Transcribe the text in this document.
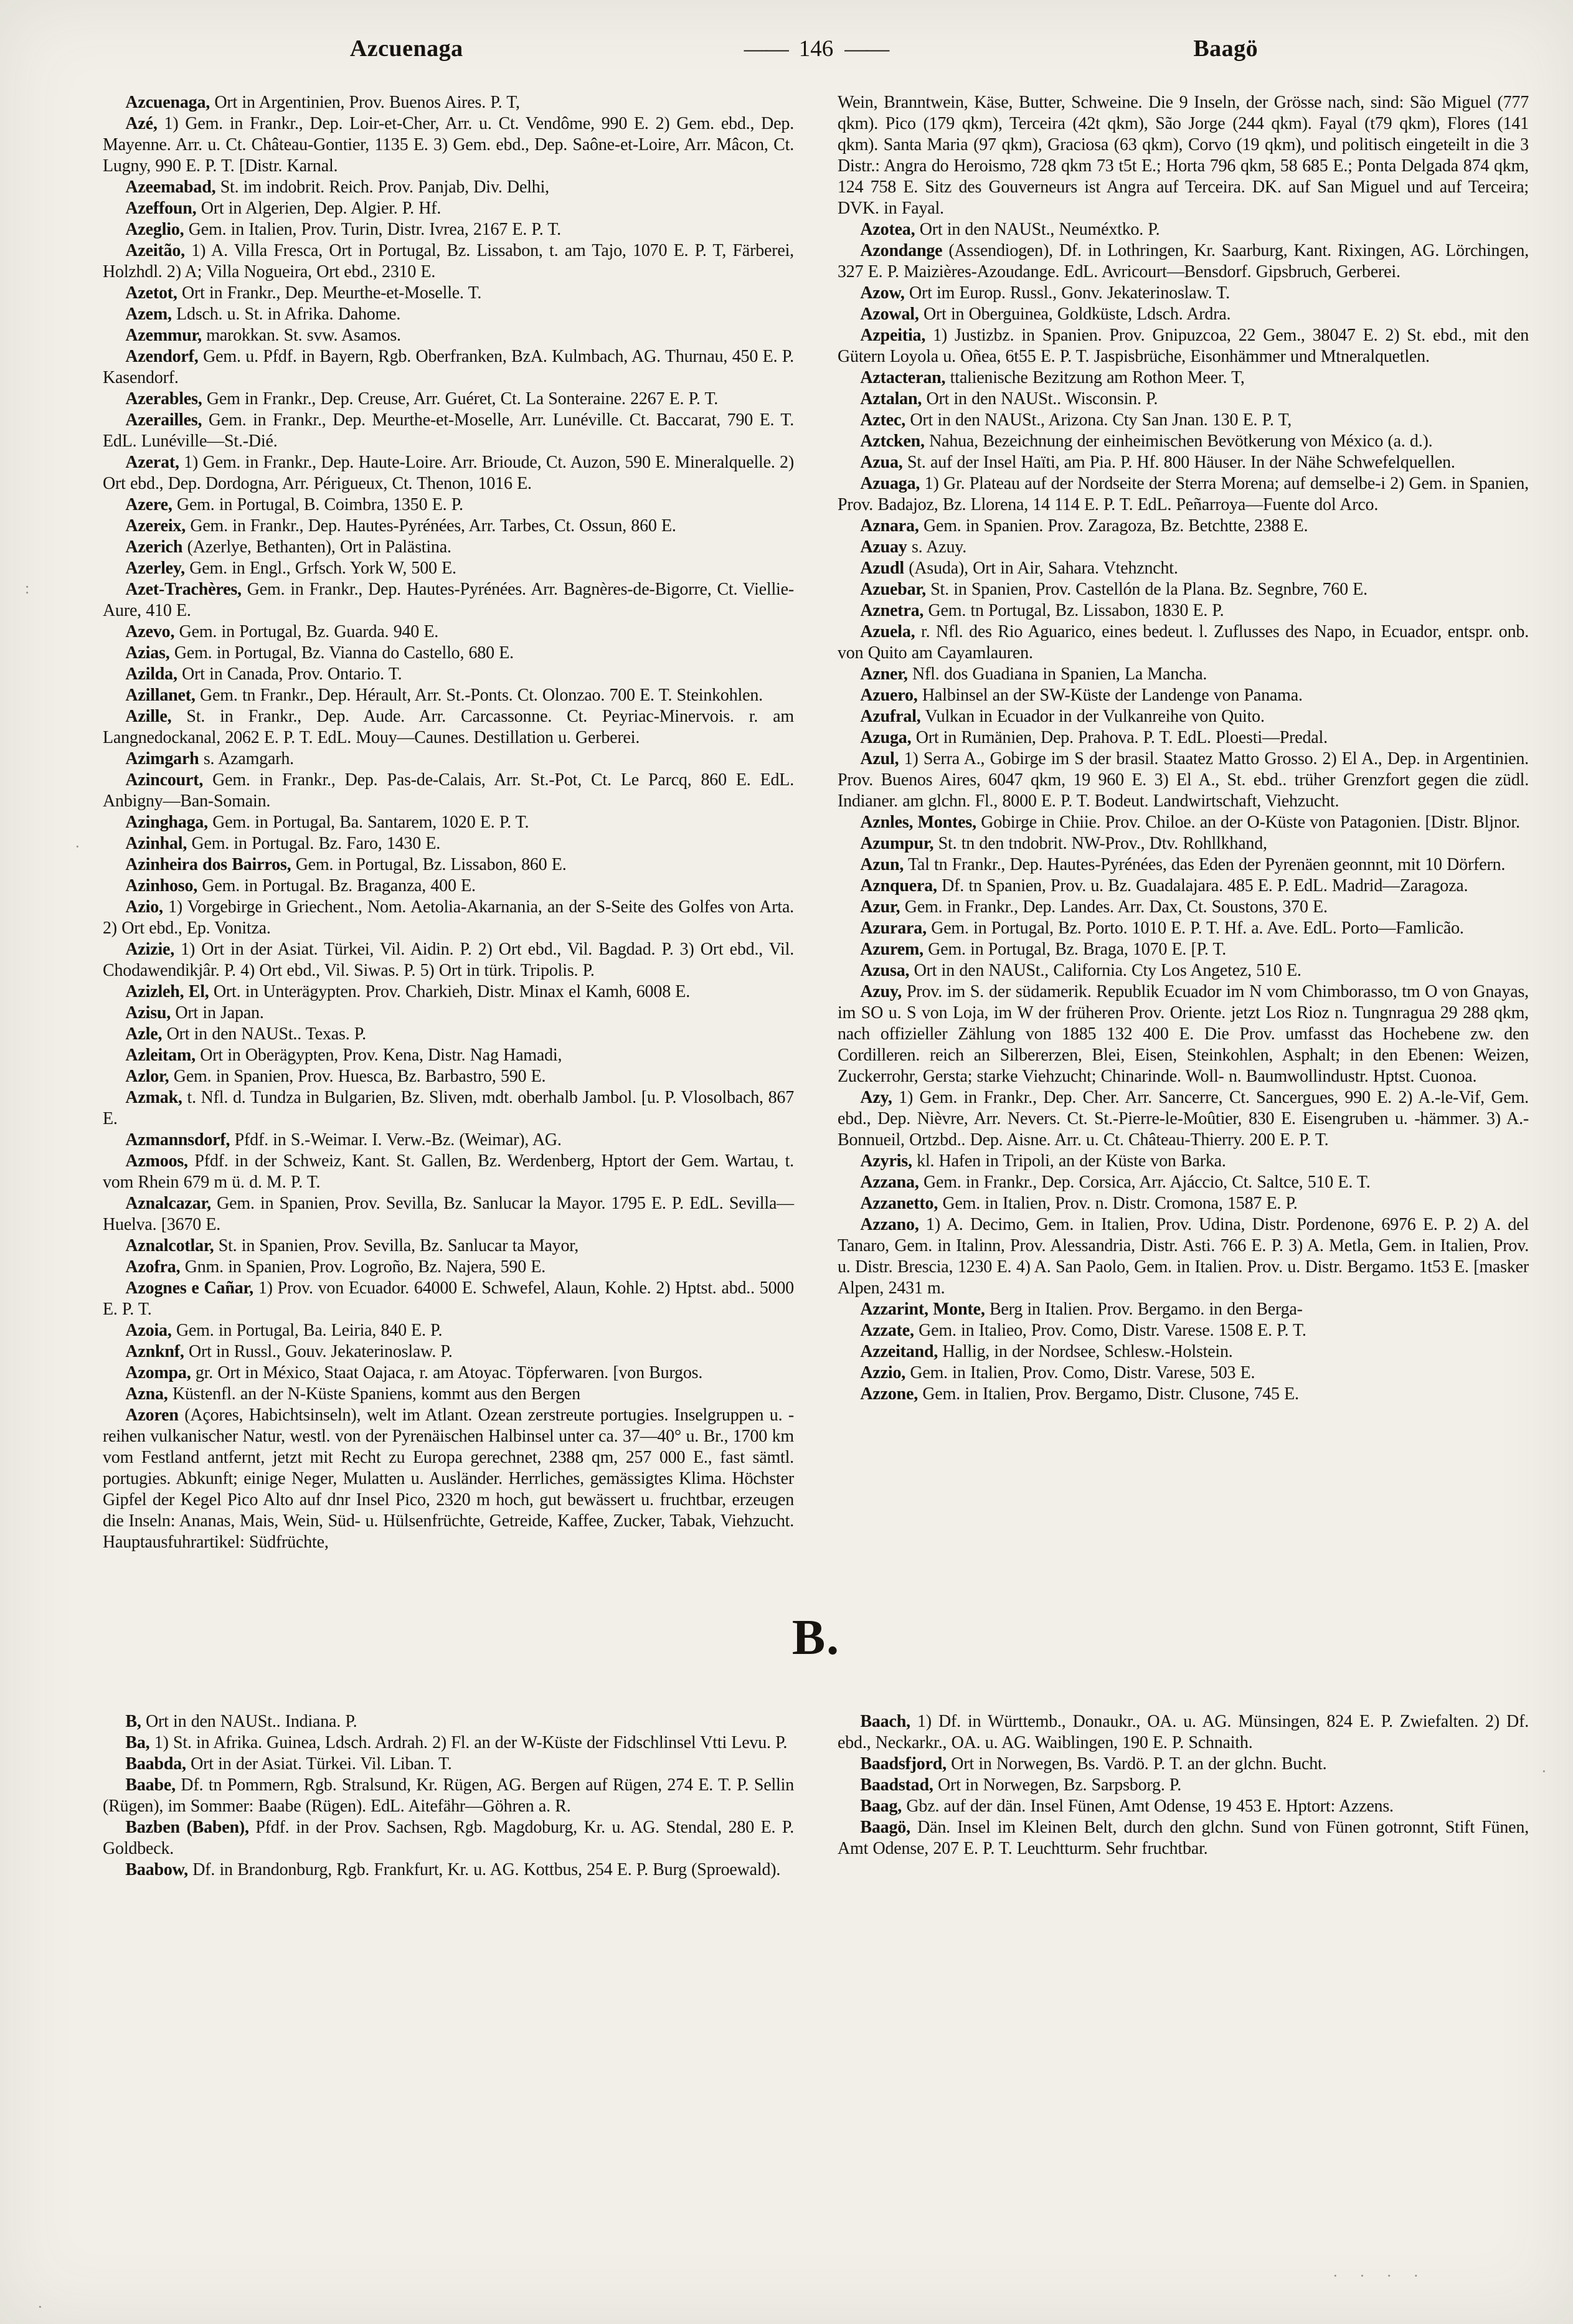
Azcuenaga	—— 146 ——	Baagö

Azcuenaga, Ort in Argentinien, Prov. Buenos Aires. P. T,

Azé, 1) Gem. in Frankr., Dep. Loir-et-Cher, Arr. u. Ct. Vendôme, 990 E. 2) Gem. ebd., Dep. Mayenne. Arr. u. Ct. Château-Gontier, 1135 E. 3) Gem. ebd., Dep. Saône-et-Loire, Arr. Mâcon, Ct. Lugny, 990 E. P. T. [Distr. Karnal.

Azeemabad, St. im indobrit. Reich. Prov. Panjab, Div. Delhi,

Azeffoun, Ort in Algerien, Dep. Algier. P. Hf.

Azeglio, Gem. in Italien, Prov. Turin, Distr. Ivrea, 2167 E. P. T.

Azeitão, 1) A. Villa Fresca, Ort in Portugal, Bz. Lissabon, t. am Tajo, 1070 E. P. T, Färberei, Holzhdl. 2) A; Villa Nogueira, Ort ebd., 2310 E.

Azetot, Ort in Frankr., Dep. Meurthe-et-Moselle. T.

Azem, Ldsch. u. St. in Afrika. Dahome.

Azemmur, marokkan. St. svw. Asamos.

Azendorf, Gem. u. Pfdf. in Bayern, Rgb. Oberfranken, BzA. Kulmbach, AG. Thurnau, 450 E. P. Kasendorf.

Azerables, Gem in Frankr., Dep. Creuse, Arr. Guéret, Ct. La Sonteraine. 2267 E. P. T.

Azerailles, Gem. in Frankr., Dep. Meurthe-et-Moselle, Arr. Lunéville. Ct. Baccarat, 790 E. T. EdL. Lunéville—St.-Dié.

Azerat, 1) Gem. in Frankr., Dep. Haute-Loire. Arr. Brioude, Ct. Auzon, 590 E. Mineralquelle. 2) Ort ebd., Dep. Dordogna, Arr. Périgueux, Ct. Thenon, 1016 E.

Azere, Gem. in Portugal, B. Coimbra, 1350 E. P.

Azereix, Gem. in Frankr., Dep. Hautes-Pyrénées, Arr. Tarbes, Ct. Ossun, 860 E.

Azerich (Azerlye, Bethanten), Ort in Palästina.

Azerley, Gem. in Engl., Grfsch. York W, 500 E.

Azet-Trachères, Gem. in Frankr., Dep. Hautes-Pyrénées. Arr. Bagnères-de-Bigorre, Ct. Viellie-Aure, 410 E.

Azevo, Gem. in Portugal, Bz. Guarda. 940 E.

Azias, Gem. in Portugal, Bz. Vianna do Castello, 680 E.

Azilda, Ort in Canada, Prov. Ontario. T.

Azillanet, Gem. tn Frankr., Dep. Hérault, Arr. St.-Ponts. Ct. Olonzao. 700 E. T. Steinkohlen.

Azille, St. in Frankr., Dep. Aude. Arr. Carcassonne. Ct. Peyriac-Minervois. r. am Langnedockanal, 2062 E. P. T. EdL. Mouy—Caunes. Destillation u. Gerberei.

Azimgarh s. Azamgarh.

Azincourt, Gem. in Frankr., Dep. Pas-de-Calais, Arr. St.-Pot, Ct. Le Parcq, 860 E. EdL. Anbigny—Ban-Somain.

Azinghaga, Gem. in Portugal, Ba. Santarem, 1020 E. P. T.

Azinhal, Gem. in Portugal. Bz. Faro, 1430 E.

Azinheira dos Bairros, Gem. in Portugal, Bz. Lissabon, 860 E.

Azinhoso, Gem. in Portugal. Bz. Braganza, 400 E.

Azio, 1) Vorgebirge in Griechent., Nom. Aetolia-Akarnania, an der S-Seite des Golfes von Arta. 2) Ort ebd., Ep. Vonitza.

Azizie, 1) Ort in der Asiat. Türkei, Vil. Aidin. P. 2) Ort ebd., Vil. Bagdad. P. 3) Ort ebd., Vil. Chodawendikjâr. P. 4) Ort ebd., Vil. Siwas. P. 5) Ort in türk. Tripolis. P.

Azizleh, El, Ort. in Unterägypten. Prov. Charkieh, Distr. Minax el Kamh, 6008 E.

Azisu, Ort in Japan.

Azle, Ort in den NAUSt.. Texas. P.

Azleitam, Ort in Oberägypten, Prov. Kena, Distr. Nag Hamadi,

Azlor, Gem. in Spanien, Prov. Huesca, Bz. Barbastro, 590 E.

Azmak, t. Nfl. d. Tundza in Bulgarien, Bz. Sliven, mdt. oberhalb Jambol. [u. P. Vlosolbach, 867 E.

Azmannsdorf, Pfdf. in S.-Weimar. I. Verw.-Bz. (Weimar), AG.

Azmoos, Pfdf. in der Schweiz, Kant. St. Gallen, Bz. Werdenberg, Hptort der Gem. Wartau, t. vom Rhein 679 m ü. d. M. P. T.

Aznalcazar, Gem. in Spanien, Prov. Sevilla, Bz. Sanlucar la Mayor. 1795 E. P. EdL. Sevilla—Huelva. [3670 E.

Aznalcotlar, St. in Spanien, Prov. Sevilla, Bz. Sanlucar ta Mayor,

Azofra, Gnm. in Spanien, Prov. Logroño, Bz. Najera, 590 E.

Azognes e Cañar, 1) Prov. von Ecuador. 64000 E. Schwefel, Alaun, Kohle. 2) Hptst. abd.. 5000 E. P. T.

Azoia, Gem. in Portugal, Ba. Leiria, 840 E. P.

Aznknf, Ort in Russl., Gouv. Jekaterinoslaw. P.

Azompa, gr. Ort in México, Staat Oajaca, r. am Atoyac. Töpferwaren. [von Burgos.

Azna, Küstenfl. an der N-Küste Spaniens, kommt aus den Bergen

Azoren (Açores, Habichtsinseln), welt im Atlant. Ozean zerstreute portugies. Inselgruppen u. -reihen vulkanischer Natur, westl. von der Pyrenäischen Halbinsel unter ca. 37—40° u. Br., 1700 km vom Festland antfernt, jetzt mit Recht zu Europa gerechnet, 2388 qm, 257 000 E., fast sämtl. portugies. Abkunft; einige Neger, Mulatten u. Ausländer. Herrliches, gemässigtes Klima. Höchster Gipfel der Kegel Pico Alto auf dnr Insel Pico, 2320 m hoch, gut bewässert u. fruchtbar, erzeugen die Inseln: Ananas, Mais, Wein, Süd- u. Hülsenfrüchte, Getreide, Kaffee, Zucker, Tabak, Viehzucht. Hauptausfuhrartikel: Südfrüchte,

Wein, Branntwein, Käse, Butter, Schweine. Die 9 Inseln, der Grösse nach, sind: São Miguel (777 qkm). Pico (179 qkm), Terceira (42t qkm), São Jorge (244 qkm). Fayal (t79 qkm), Flores (141 qkm). Santa Maria (97 qkm), Graciosa (63 qkm), Corvo (19 qkm), und politisch eingeteilt in die 3 Distr.: Angra do Heroismo, 728 qkm 73 t5t E.; Horta 796 qkm, 58 685 E.; Ponta Delgada 874 qkm, 124 758 E. Sitz des Gouverneurs ist Angra auf Terceira. DK. auf San Miguel und auf Terceira; DVK. in Fayal.

Azotea, Ort in den NAUSt., Neuméxtko. P.

Azondange (Assendiogen), Df. in Lothringen, Kr. Saarburg, Kant. Rixingen, AG. Lörchingen, 327 E. P. Maizières-Azoudange. EdL. Avricourt—Bensdorf. Gipsbruch, Gerberei.

Azow, Ort im Europ. Russl., Gonv. Jekaterinoslaw. T.

Azowal, Ort in Oberguinea, Goldküste, Ldsch. Ardra.

Azpeitia, 1) Justizbz. in Spanien. Prov. Gnipuzcoa, 22 Gem., 38047 E. 2) St. ebd., mit den Gütern Loyola u. Oñea, 6t55 E. P. T. Jaspisbrüche, Eisonhämmer und Mtneralquetlen.

Aztacteran, ttalienische Bezitzung am Rothon Meer. T,

Aztalan, Ort in den NAUSt.. Wisconsin. P.

Aztec, Ort in den NAUSt., Arizona. Cty San Jnan. 130 E. P. T,

Aztcken, Nahua, Bezeichnung der einheimischen Bevötkerung von México (a. d.).

Azua, St. auf der Insel Haïti, am Pia. P. Hf. 800 Häuser. In der Nähe Schwefelquellen.

Azuaga, 1) Gr. Plateau auf der Nordseite der Sterra Morena; auf demselbe-i 2) Gem. in Spanien, Prov. Badajoz, Bz. Llorena, 14 114 E. P. T. EdL. Peñarroya—Fuente dol Arco.

Aznara, Gem. in Spanien. Prov. Zaragoza, Bz. Betchtte, 2388 E.

Azuay s. Azuy.

Azudl (Asuda), Ort in Air, Sahara. Vtehzncht.

Azuebar, St. in Spanien, Prov. Castellón de la Plana. Bz. Segnbre, 760 E.

Aznetra, Gem. tn Portugal, Bz. Lissabon, 1830 E. P.

Azuela, r. Nfl. des Rio Aguarico, eines bedeut. l. Zuflusses des Napo, in Ecuador, entspr. onb. von Quito am Cayamlauren.

Azner, Nfl. dos Guadiana in Spanien, La Mancha.

Azuero, Halbinsel an der SW-Küste der Landenge von Panama.

Azufral, Vulkan in Ecuador in der Vulkanreihe von Quito.

Azuga, Ort in Rumänien, Dep. Prahova. P. T. EdL. Ploesti—Predal.

Azul, 1) Serra A., Gobirge im S der brasil. Staatez Matto Grosso. 2) El A., Dep. in Argentinien. Prov. Buenos Aires, 6047 qkm, 19 960 E. 3) El A., St. ebd.. trüher Grenzfort gegen die züdl. Indianer. am glchn. Fl., 8000 E. P. T. Bodeut. Landwirtschaft, Viehzucht.

Aznles, Montes, Gobirge in Chiie. Prov. Chiloe. an der O-Küste von Patagonien. [Distr. Bljnor.

Azumpur, St. tn den tndobrit. NW-Prov., Dtv. Rohllkhand,

Azun, Tal tn Frankr., Dep. Hautes-Pyrénées, das Eden der Pyrenäen geonnnt, mit 10 Dörfern.

Aznquera, Df. tn Spanien, Prov. u. Bz. Guadalajara. 485 E. P. EdL. Madrid—Zaragoza.

Azur, Gem. in Frankr., Dep. Landes. Arr. Dax, Ct. Soustons, 370 E.

Azurara, Gem. in Portugal, Bz. Porto. 1010 E. P. T. Hf. a. Ave. EdL. Porto—Famlicão.

Azurem, Gem. in Portugal, Bz. Braga, 1070 E. [P. T.

Azusa, Ort in den NAUSt., California. Cty Los Angetez, 510 E.

Azuy, Prov. im S. der südamerik. Republik Ecuador im N vom Chimborasso, tm O von Gnayas, im SO u. S von Loja, im W der früheren Prov. Oriente. jetzt Los Rioz n. Tungnragua 29 288 qkm, nach offizieller Zählung von 1885 132 400 E. Die Prov. umfasst das Hochebene zw. den Cordilleren. reich an Silbererzen, Blei, Eisen, Steinkohlen, Asphalt; in den Ebenen: Weizen, Zuckerrohr, Gersta; starke Viehzucht; Chinarinde. Woll- n. Baumwollindustr. Hptst. Cuonoa.

Azy, 1) Gem. in Frankr., Dep. Cher. Arr. Sancerre, Ct. Sancergues, 990 E. 2) A.-le-Vif, Gem. ebd., Dep. Nièvre, Arr. Nevers. Ct. St.-Pierre-le-Moûtier, 830 E. Eisengruben u. -hämmer. 3) A.-Bonnueil, Ortzbd.. Dep. Aisne. Arr. u. Ct. Château-Thierry. 200 E. P. T.

Azyris, kl. Hafen in Tripoli, an der Küste von Barka.

Azzana, Gem. in Frankr., Dep. Corsica, Arr. Ajáccio, Ct. Saltce, 510 E. T.

Azzanetto, Gem. in Italien, Prov. n. Distr. Cromona, 1587 E. P.

Azzano, 1) A. Decimo, Gem. in Italien, Prov. Udina, Distr. Pordenone, 6976 E. P. 2) A. del Tanaro, Gem. in Italinn, Prov. Alessandria, Distr. Asti. 766 E. P. 3) A. Metla, Gem. in Italien, Prov. u. Distr. Brescia, 1230 E. 4) A. San Paolo, Gem. in Italien. Prov. u. Distr. Bergamo. 1t53 E. [masker Alpen, 2431 m.

Azzarint, Monte, Berg in Italien. Prov. Bergamo. in den Berga-

Azzate, Gem. in Italieo, Prov. Como, Distr. Varese. 1508 E. P. T.

Azzeitand, Hallig, in der Nordsee, Schlesw.-Holstein.

Azzio, Gem. in Italien, Prov. Como, Distr. Varese, 503 E.

Azzone, Gem. in Italien, Prov. Bergamo, Distr. Clusone, 745 E.

B.

B, Ort in den NAUSt.. Indiana. P.

Ba, 1) St. in Afrika. Guinea, Ldsch. Ardrah. 2) Fl. an der W-Küste der Fidschlinsel Vtti Levu. P.

Baabda, Ort in der Asiat. Türkei. Vil. Liban. T.

Baabe, Df. tn Pommern, Rgb. Stralsund, Kr. Rügen, AG. Bergen auf Rügen, 274 E. T. P. Sellin (Rügen), im Sommer: Baabe (Rügen). EdL. Aitefähr—Göhren a. R.

Bazben (Baben), Pfdf. in der Prov. Sachsen, Rgb. Magdoburg, Kr. u. AG. Stendal, 280 E. P. Goldbeck.

Baabow, Df. in Brandonburg, Rgb. Frankfurt, Kr. u. AG. Kottbus, 254 E. P. Burg (Sproewald).

Baach, 1) Df. in Württemb., Donaukr., OA. u. AG. Münsingen, 824 E. P. Zwiefalten. 2) Df. ebd., Neckarkr., OA. u. AG. Waiblingen, 190 E. P. Schnaith.

Baadsfjord, Ort in Norwegen, Bs. Vardö. P. T. an der glchn. Bucht.

Baadstad, Ort in Norwegen, Bz. Sarpsborg. P.

Baag, Gbz. auf der dän. Insel Fünen, Amt Odense, 19 453 E. Hptort: Azzens.

Baagö, Dän. Insel im Kleinen Belt, durch den glchn. Sund von Fünen gotronnt, Stift Fünen, Amt Odense, 207 E. P. T. Leuchtturm. Sehr fruchtbar.

:
·
·
· · · ·
·
